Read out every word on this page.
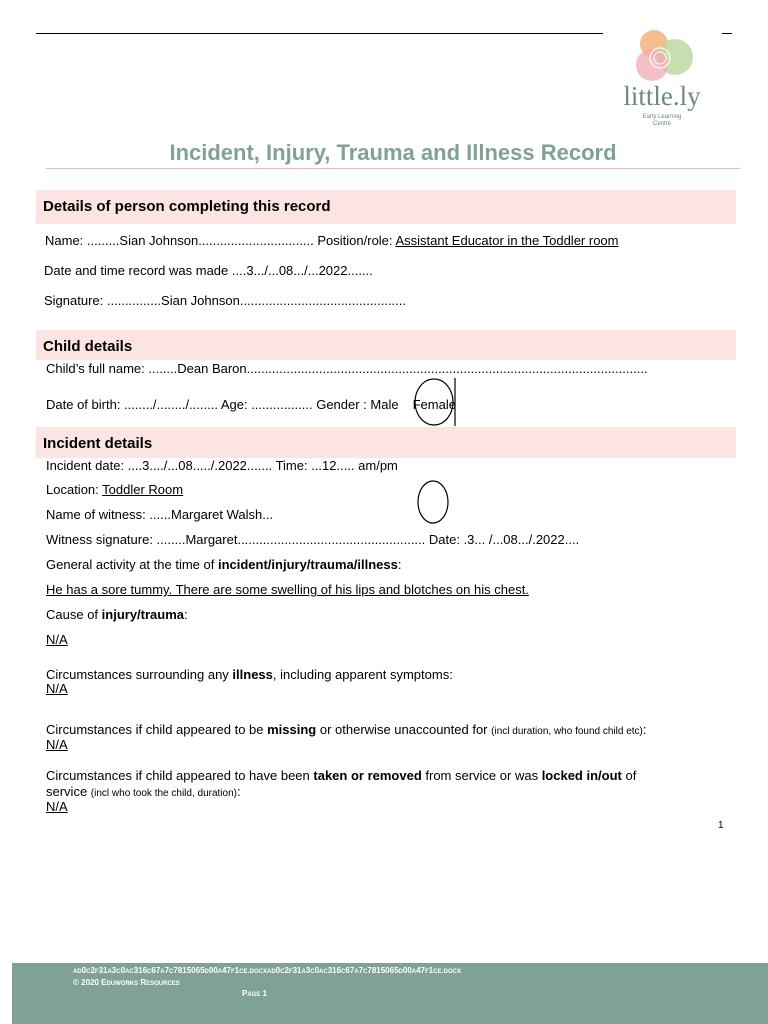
little.ly
Early Learning
Centre
Incident, Injury, Trauma and Illness Record
Details of person completing this record
Name: .........Sian Johnson................................ Position/role: Assistant Educator in the Toddler room
Date and time record was made ....3.../...08.../...2022.......
Signature: ...............Sian Johnson..............................................
Child details
Child’s full name: ........Dean Baron...............................................................................................................
Date of birth: ......../......../........ Age: ................. Gender : Male Female
Incident details
Incident date: ....3..../...08...../.2022....... Time: ...12..... am/pm
Location: Toddler Room
Name of witness: ......Margaret Walsh...
Witness signature: ........Margaret.................................................... Date: .3... /...08.../.2022....
General activity at the time of incident/injury/trauma/illness:
He has a sore tummy. There are some swelling of his lips and blotches on his chest.
Cause of injury/trauma:
N/A
Circumstances surrounding any illness, including apparent symptoms:
N/A
Circumstances if child appeared to be missing or otherwise unaccounted for (incl duration, who found child etc):
N/A
Circumstances if child appeared to have been taken or removed from service or was locked in/out of
service (incl who took the child, duration):
N/A
1
ad0c2f31a3c0ac316c67a7c7815065d00a47f1ce.docxad0c2f31a3c0ac316c67a7c7815065d00a47f1ce.docx
© 2020 Eduworks Resources
Page 1
